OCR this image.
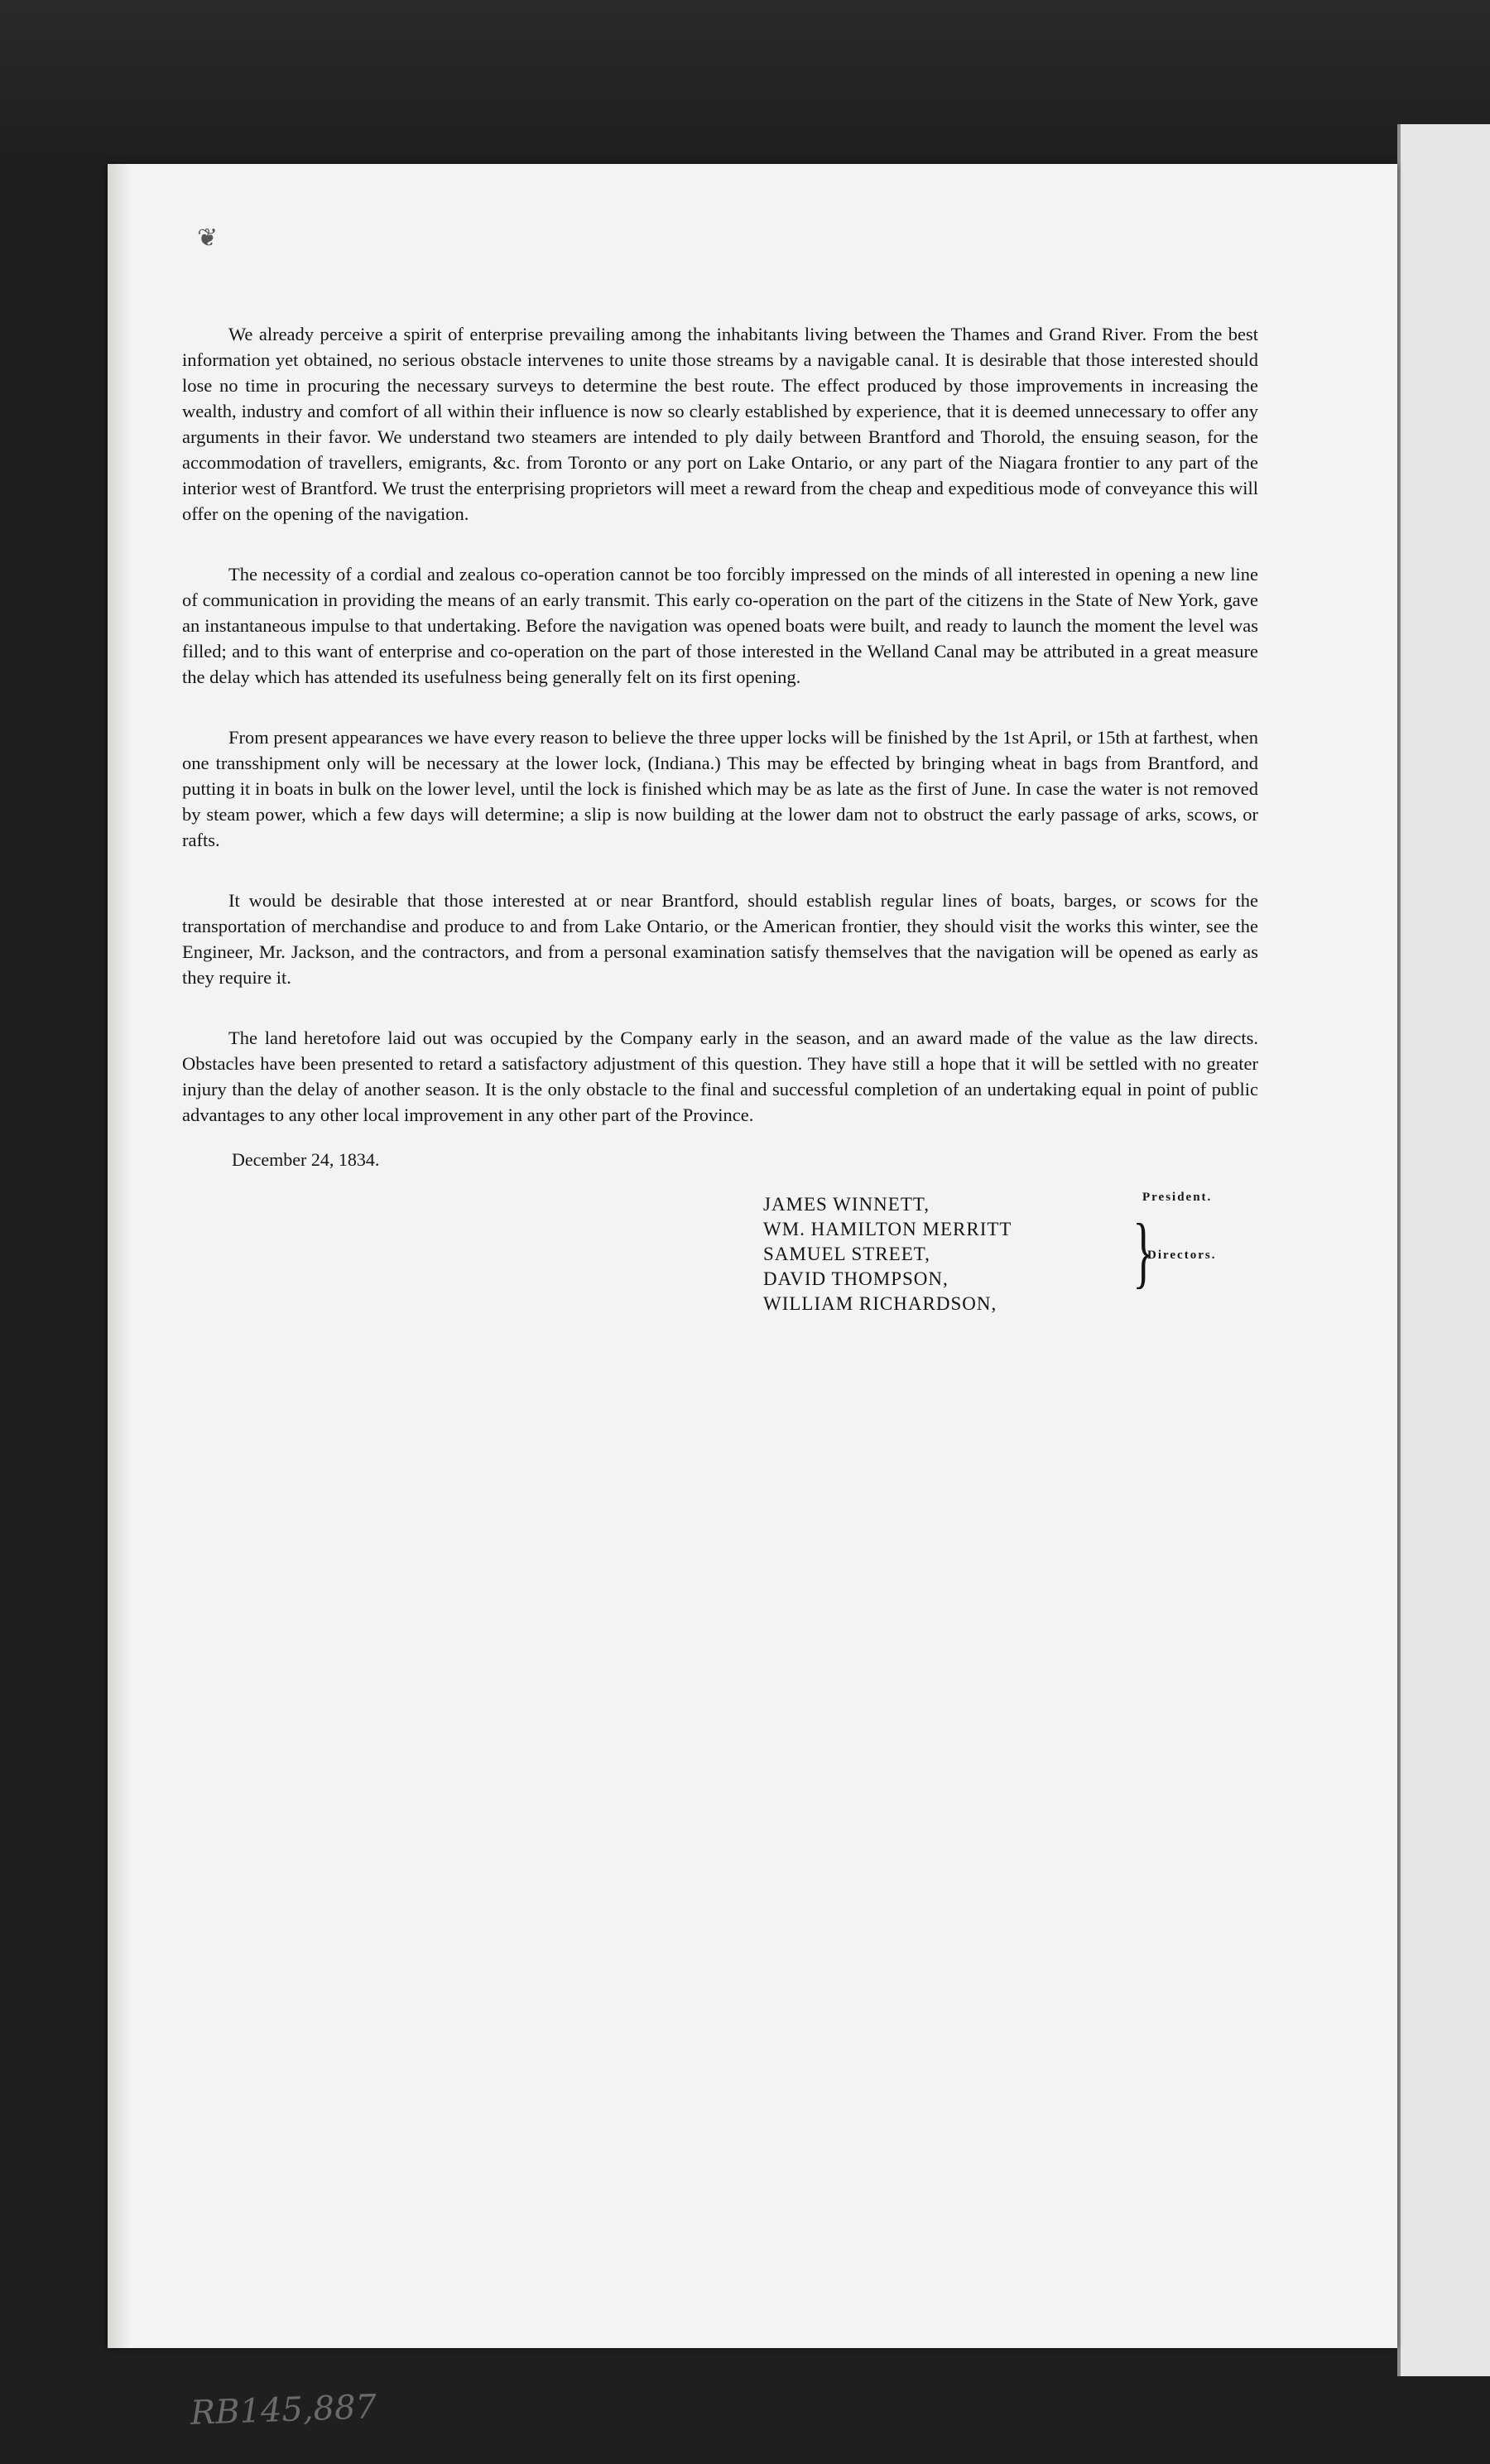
❦

We already perceive a spirit of enterprise prevailing among the inhabitants living between the Thames and Grand River. From the best information yet obtained, no serious obstacle intervenes to unite those streams by a navigable canal. It is desirable that those interested should lose no time in procuring the necessary surveys to determine the best route. The effect produced by those improvements in increasing the wealth, industry and comfort of all within their influence is now so clearly established by experience, that it is deemed unnecessary to offer any arguments in their favor. We understand two steamers are intended to ply daily between Brantford and Thorold, the ensuing season, for the accommodation of travellers, emigrants, &c. from Toronto or any port on Lake Ontario, or any part of the Niagara frontier to any part of the interior west of Brantford. We trust the enterprising proprietors will meet a reward from the cheap and expeditious mode of conveyance this will offer on the opening of the navigation.

The necessity of a cordial and zealous co-operation cannot be too forcibly impressed on the minds of all interested in opening a new line of communication in providing the means of an early transmit. This early co-operation on the part of the citizens in the State of New York, gave an instantaneous impulse to that undertaking. Before the navigation was opened boats were built, and ready to launch the moment the level was filled; and to this want of enterprise and co-operation on the part of those interested in the Welland Canal may be attributed in a great measure the delay which has attended its usefulness being generally felt on its first opening.

From present appearances we have every reason to believe the three upper locks will be finished by the 1st April, or 15th at farthest, when one transshipment only will be necessary at the lower lock, (Indiana.) This may be effected by bringing wheat in bags from Brantford, and putting it in boats in bulk on the lower level, until the lock is finished which may be as late as the first of June. In case the water is not removed by steam power, which a few days will determine; a slip is now building at the lower dam not to obstruct the early passage of arks, scows, or rafts.

It would be desirable that those interested at or near Brantford, should establish regular lines of boats, barges, or scows for the transportation of merchandise and produce to and from Lake Ontario, or the American frontier, they should visit the works this winter, see the Engineer, Mr. Jackson, and the contractors, and from a personal examination satisfy themselves that the navigation will be opened as early as they require it.

The land heretofore laid out was occupied by the Company early in the season, and an award made of the value as the law directs. Obstacles have been presented to retard a satisfactory adjustment of this question. They have still a hope that it will be settled with no greater injury than the delay of another season. It is the only obstacle to the final and successful completion of an undertaking equal in point of public advantages to any other local improvement in any other part of the Province.

December 24, 1834.
JAMES WINNETT,
WM. HAMILTON MERRITT
SAMUEL STREET,
DAVID THOMPSON,
WILLIAM RICHARDSON,
President.
}
Directors.
RB145,887
